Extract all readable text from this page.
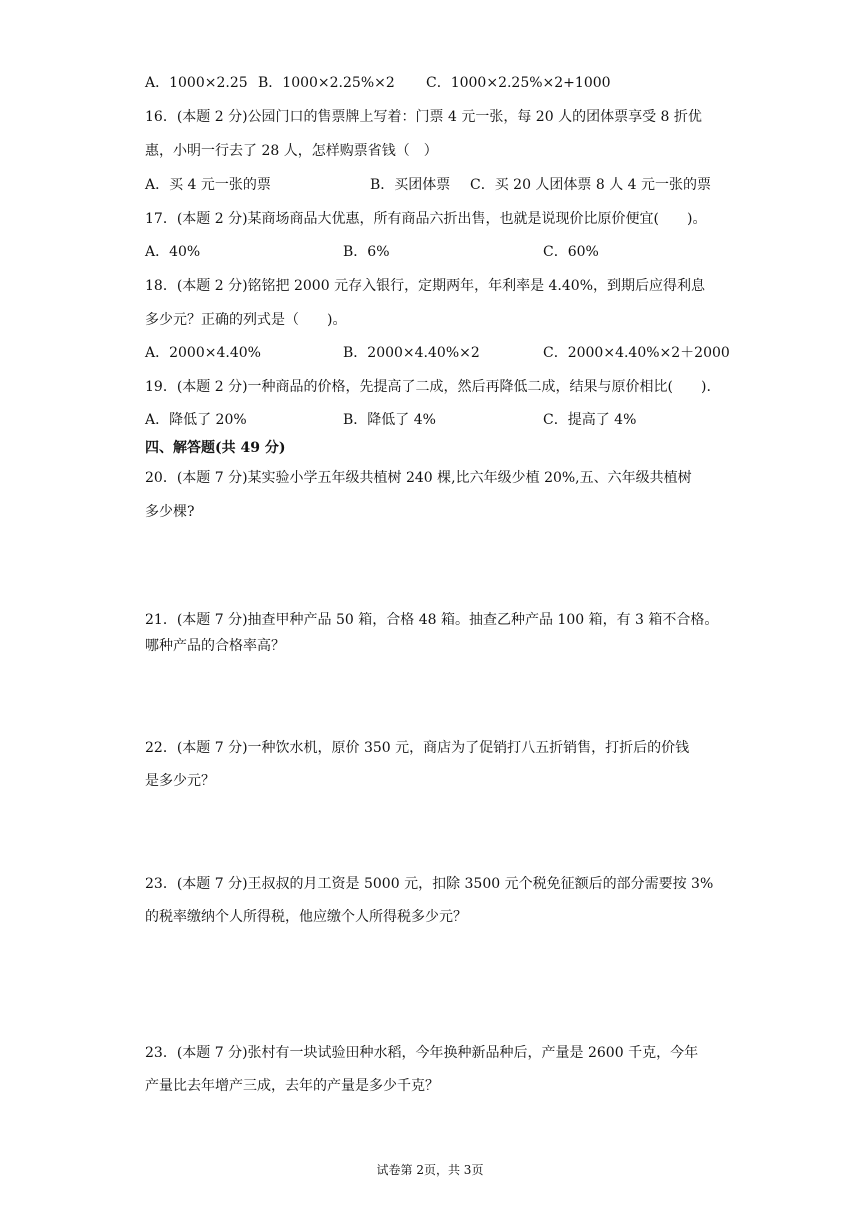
A．1000×2.25 B．1000×2.25%×2 C．1000×2.25%×2+1000
16．(本题 2 分)公园门口的售票牌上写着：门票 4 元一张，每 20 人的团体票享受 8 折优
惠，小明一行去了 28 人，怎样购票省钱（　）
A．买 4 元一张的票	B．买团体票 C．买 20 人团体票 8 人 4 元一张的票
17．(本题 2 分)某商场商品大优惠，所有商品六折出售，也就是说现价比原价便宜(　　)。
A．40%	B．6%	C．60%
18．(本题 2 分)铭铭把 2000 元存入银行，定期两年，年利率是 4.40%，到期后应得利息
多少元？正确的列式是（　　)。
A．2000×4.40%	B．2000×4.40%×2	C．2000×4.40%×2＋2000
19．(本题 2 分)一种商品的价格，先提高了二成，然后再降低二成，结果与原价相比(　　).
A．降低了 20%	B．降低了 4%	C．提高了 4%
四、解答题(共 49 分)
20．(本题 7 分)某实验小学五年级共植树 240 棵,比六年级少植 20%,五、六年级共植树
多少棵?
21．(本题 7 分)抽查甲种产品 50 箱，合格 48 箱。抽查乙种产品 100 箱，有 3 箱不合格。
哪种产品的合格率高？
22．(本题 7 分)一种饮水机，原价 350 元，商店为了促销打八五折销售，打折后的价钱
是多少元？
23．(本题 7 分)王叔叔的月工资是 5000 元，扣除 3500 元个税免征额后的部分需要按 3%
的税率缴纳个人所得税，他应缴个人所得税多少元？
23．(本题 7 分)张村有一块试验田种水稻，今年换种新品种后，产量是 2600 千克，今年
产量比去年增产三成，去年的产量是多少千克？
试卷第 2页，共 3页
